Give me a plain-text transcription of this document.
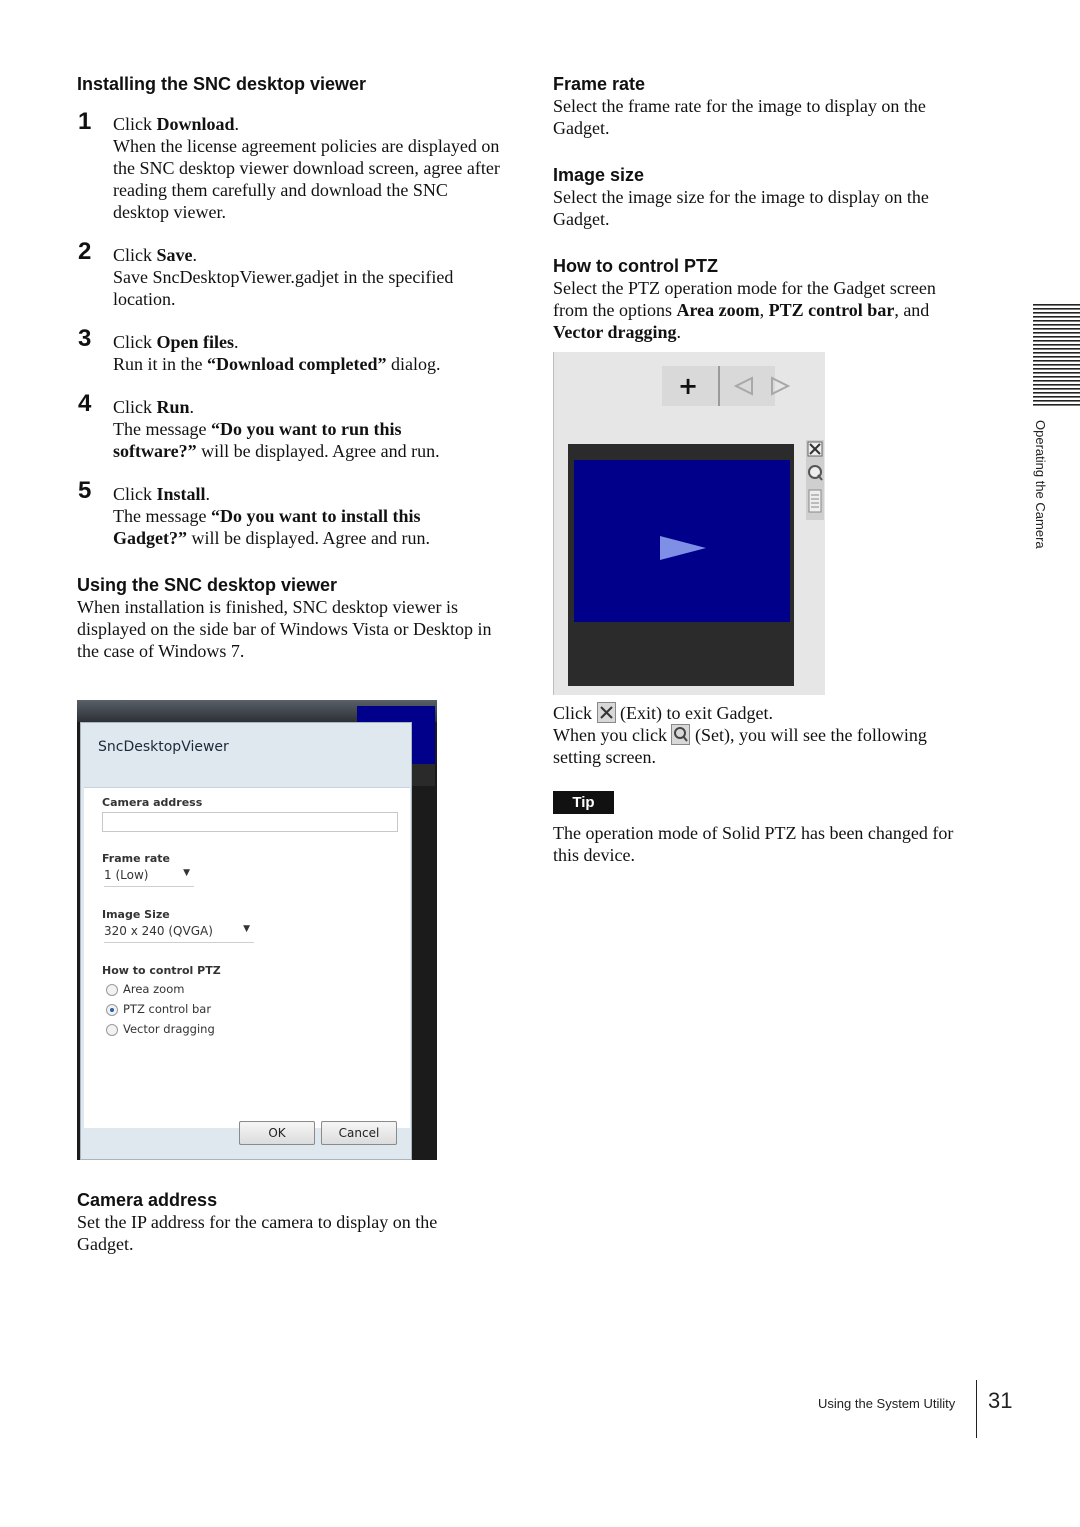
Installing the SNC desktop viewer
1 Click Download.
When the license agreement policies are displayed on the SNC desktop viewer download screen, agree after reading them carefully and download the SNC desktop viewer.
2 Click Save.
Save SncDesktopViewer.gadjet in the specified location.
3 Click Open files.
Run it in the “Download completed” dialog.
4 Click Run.
The message “Do you want to run this software?” will be displayed. Agree and run.
5 Click Install.
The message “Do you want to install this Gadget?” will be displayed. Agree and run.
Using the SNC desktop viewer
When installation is finished, SNC desktop viewer is displayed on the side bar of Windows Vista or Desktop in the case of Windows 7.
SncDesktopViewer
Camera address
Frame rate
1 (Low)	▼
Image Size
320 x 240 (QVGA)	▼
How to control PTZ
Area zoom
PTZ control bar
Vector dragging
OK	Cancel
Camera address
Set the IP address for the camera to display on the Gadget.
Frame rate
Select the frame rate for the image to display on the Gadget.
Image size
Select the image size for the image to display on the Gadget.
How to control PTZ
Select the PTZ operation mode for the Gadget screen from the options Area zoom, PTZ control bar, and Vector dragging.
+
Click
(Exit) to exit Gadget.
When you click
(Set), you will see the following setting screen.
Tip
The operation mode of Solid PTZ has been changed for this device.
Operating the Camera
Using the System Utility 31
